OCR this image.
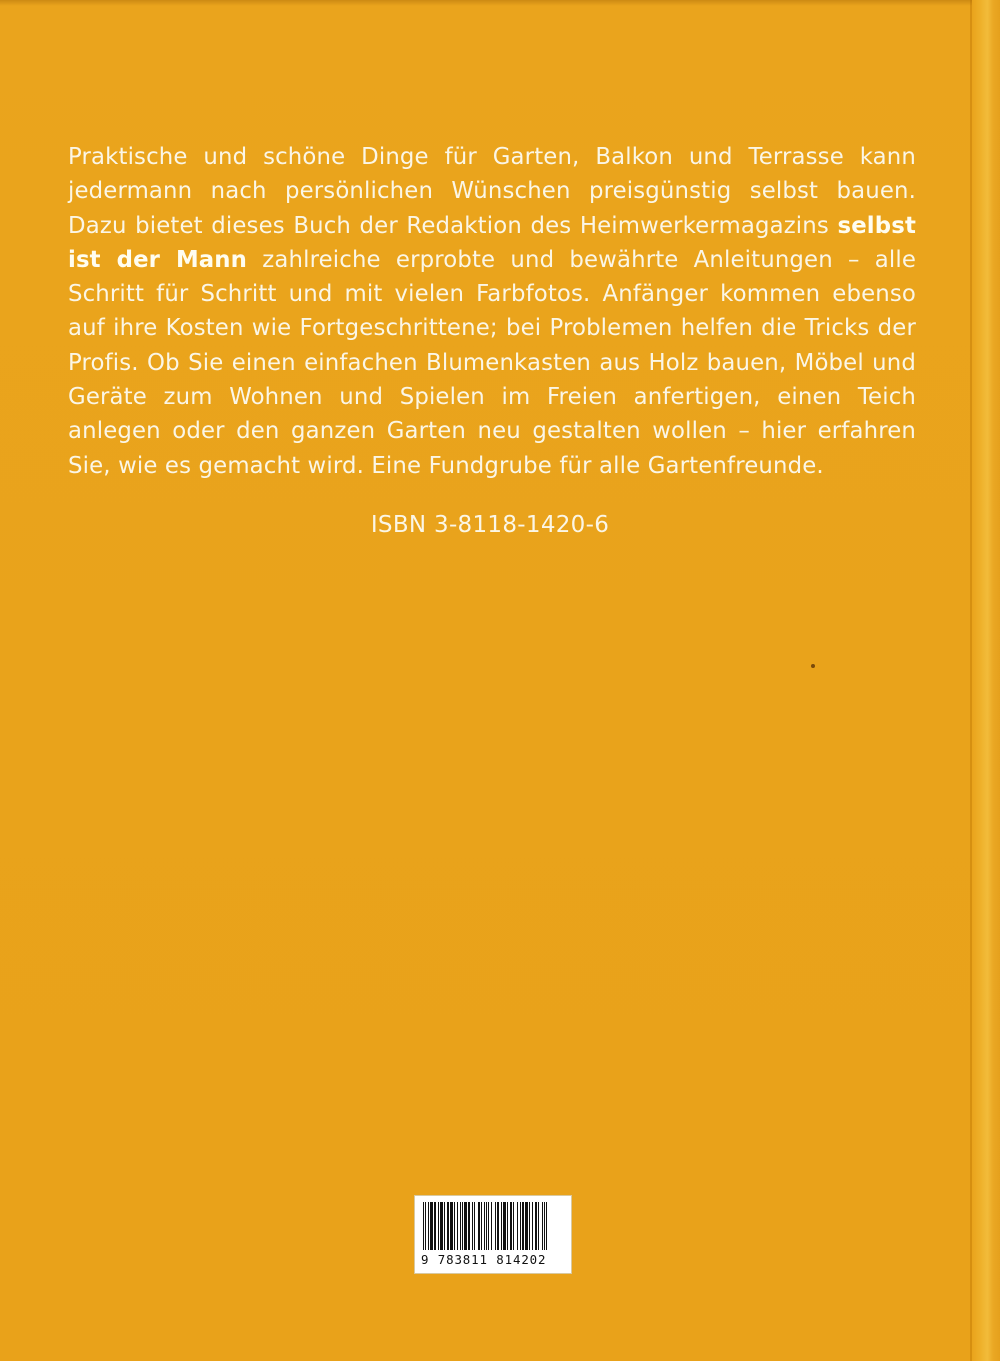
Praktische und schöne Dinge für Garten, Balkon und Terrasse kann jedermann nach persönlichen Wünschen preisgünstig selbst bauen. Dazu bietet dieses Buch der Redaktion des Heimwerkermagazins selbst ist der Mann zahlreiche erprobte und bewährte Anleitungen – alle Schritt für Schritt und mit vielen Farbfotos. Anfänger kommen ebenso auf ihre Kosten wie Fortgeschrittene; bei Problemen helfen die Tricks der Profis. Ob Sie einen einfachen Blumenkasten aus Holz bauen, Möbel und Geräte zum Wohnen und Spielen im Freien anfertigen, einen Teich anlegen oder den ganzen Garten neu gestalten wollen – hier erfahren Sie, wie es gemacht wird. Eine Fundgrube für alle Gartenfreunde.

ISBN 3-8118-1420-6
9 783811 814202
